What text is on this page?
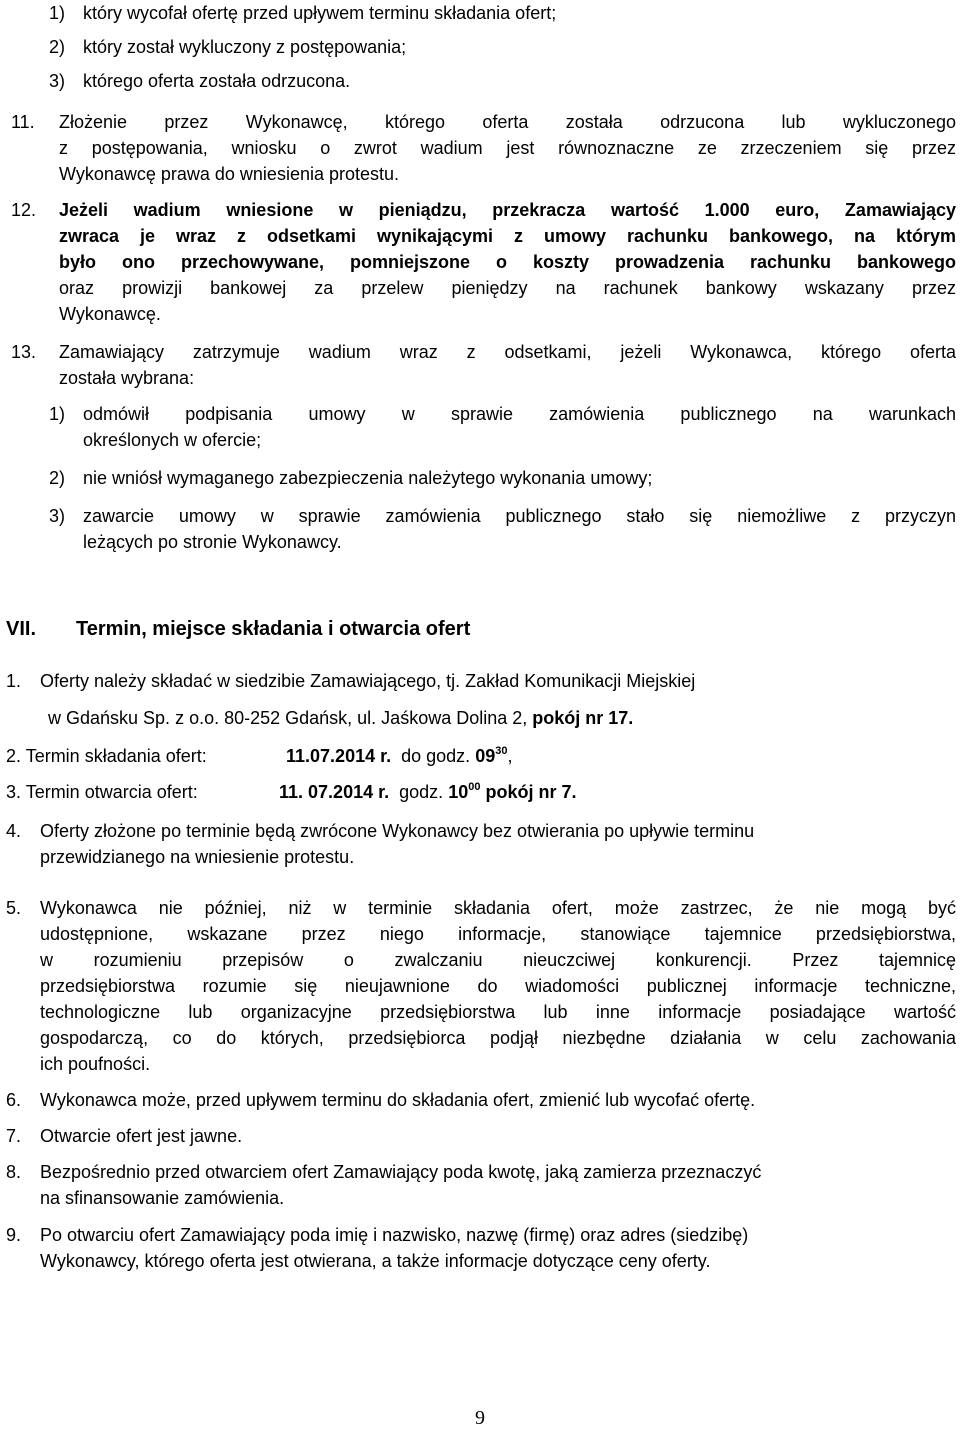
1) który wycofał ofertę przed upływem terminu składania ofert;
2) który został wykluczony z postępowania;
3) którego oferta została odrzucona.
11. Złożenie przez Wykonawcę, którego oferta została odrzucona lub wykluczonego
z postępowania, wniosku o zwrot wadium jest równoznaczne ze zrzeczeniem się przez
Wykonawcę prawa do wniesienia protestu.
12. Jeżeli wadium wniesione w pieniądzu, przekracza wartość 1.000 euro, Zamawiający
zwraca je wraz z odsetkami wynikającymi z umowy rachunku bankowego, na którym
było ono przechowywane, pomniejszone o koszty prowadzenia rachunku bankowego
oraz prowizji bankowej za przelew pieniędzy na rachunek bankowy wskazany przez
Wykonawcę.
13. Zamawiający zatrzymuje wadium wraz z odsetkami, jeżeli Wykonawca, którego oferta
została wybrana:
1) odmówił podpisania umowy w sprawie zamówienia publicznego na warunkach
określonych w ofercie;
2) nie wniósł wymaganego zabezpieczenia należytego wykonania umowy;
3) zawarcie umowy w sprawie zamówienia publicznego stało się niemożliwe z przyczyn
leżących po stronie Wykonawcy.
VII. Termin, miejsce składania i otwarcia ofert
1. Oferty należy składać w siedzibie Zamawiającego, tj. Zakład Komunikacji Miejskiej
w Gdańsku Sp. z o.o. 80-252 Gdańsk, ul. Jaśkowa Dolina 2, pokój nr 17.
2. Termin składania ofert:	11.07.2014 r. do godz. $09^{30}$,
3. Termin otwarcia ofert:	11. 07.2014 r. godz. $10^{00}$ pokój nr 7.
4. Oferty złożone po terminie będą zwrócone Wykonawcy bez otwierania po upływie terminu
przewidzianego na wniesienie protestu.
5. Wykonawca nie później, niż w terminie składania ofert, może zastrzec, że nie mogą być
udostępnione, wskazane przez niego informacje, stanowiące tajemnice przedsiębiorstwa,
w rozumieniu przepisów o zwalczaniu nieuczciwej konkurencji. Przez tajemnicę
przedsiębiorstwa rozumie się nieujawnione do wiadomości publicznej informacje techniczne,
technologiczne lub organizacyjne przedsiębiorstwa lub inne informacje posiadające wartość
gospodarczą, co do których, przedsiębiorca podjął niezbędne działania w celu zachowania
ich poufności.
6. Wykonawca może, przed upływem terminu do składania ofert, zmienić lub wycofać ofertę.
7. Otwarcie ofert jest jawne.
8. Bezpośrednio przed otwarciem ofert Zamawiający poda kwotę, jaką zamierza przeznaczyć
na sfinansowanie zamówienia.
9. Po otwarciu ofert Zamawiający poda imię i nazwisko, nazwę (firmę) oraz adres (siedzibę)
Wykonawcy, którego oferta jest otwierana, a także informacje dotyczące ceny oferty.
9
